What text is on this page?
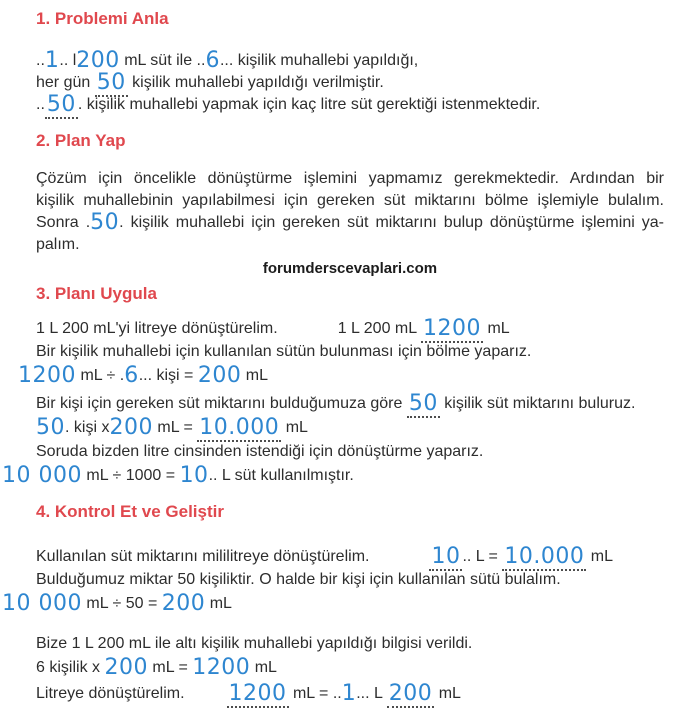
1. Problemi Anla
..1.. l200 mL süt ile ..6... kişilik muhallebi yapıldığı,
her gün 50 kişilik muhallebi yapıldığı verilmiştir.
..50 . kişilik muhallebi yapmak için kaç litre süt gerektiği istenmektedir.
2. Plan Yap
Çözüm için öncelikle dönüştürme işlemini yapmamız gerekmektedir. Ardından bir
kişilik muhallebinin yapılabilmesi için gereken süt miktarını bölme işlemiyle bulalım.
Sonra .50. kişilik muhallebi için gereken süt miktarını bulup dönüştürme işlemini ya-
palım.
forumderscevaplari.com
3. Planı Uygula
1 L 200 mL'yi litreye dönüştürelim.	1 L 200 mL 1200 mL
Bir kişilik muhallebi için kullanılan sütün bulunması için bölme yaparız.
1200 mL ÷ .6... kişi = 200 mL
Bir kişi için gereken süt miktarını bulduğumuza göre 50 kişilik süt miktarını buluruz.
50. kişi x200 mL = 10.000 mL
Soruda bizden litre cinsinden istendiği için dönüştürme yaparız.
10 000 mL ÷ 1000 = 10.. L süt kullanılmıştır.
4. Kontrol Et ve Geliştir
Kullanılan süt miktarını mililitreye dönüştürelim.	10 .. L = 10.000 mL
Bulduğumuz miktar 50 kişiliktir. O halde bir kişi için kullanılan sütü bulalım.
10 000 mL ÷ 50 = 200 mL
Bize 1 L 200 mL ile altı kişilik muhallebi yapıldığı bilgisi verildi.
6 kişilik x 200 mL = 1200 mL
Litreye dönüştürelim. 1200 mL = ..1... L 200 mL
